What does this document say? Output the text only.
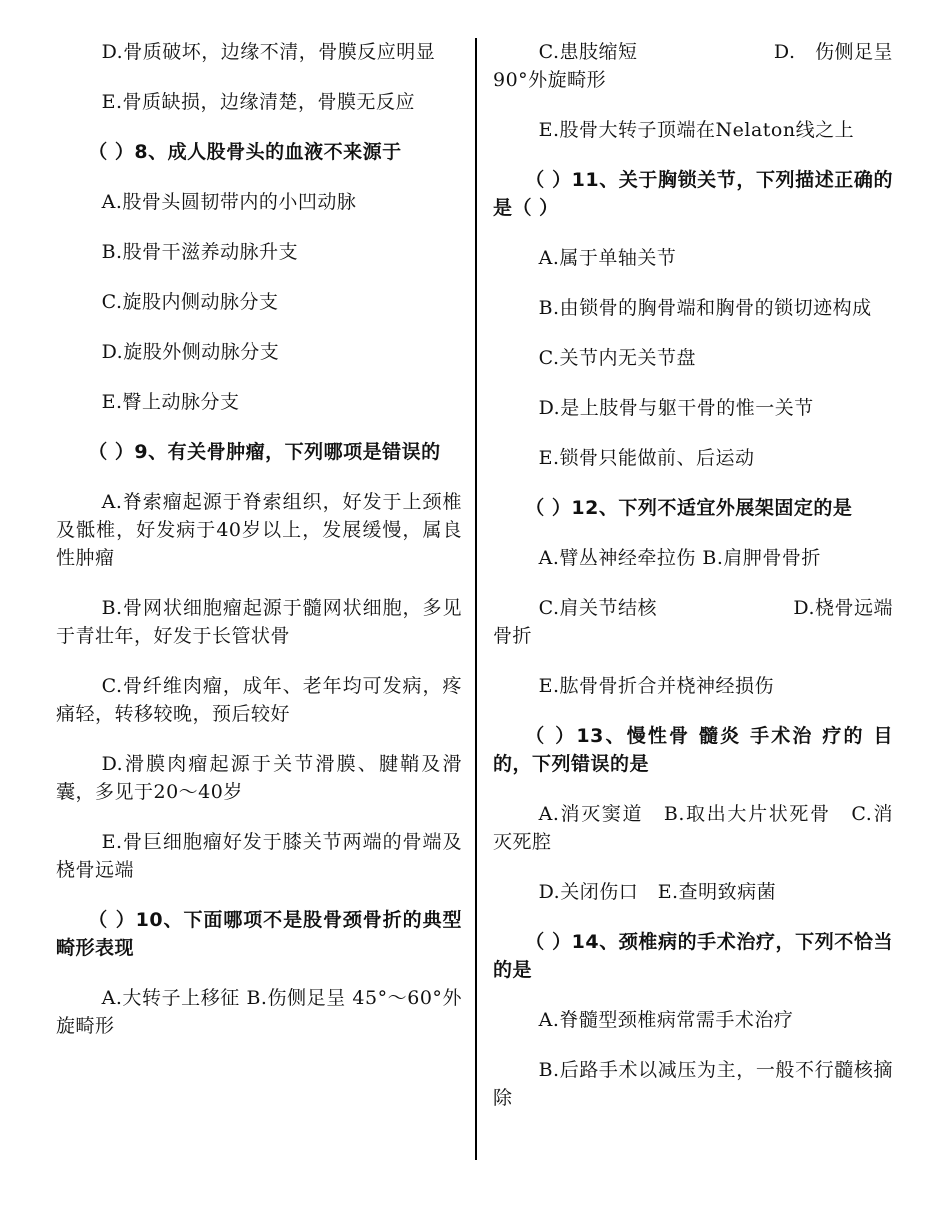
D.骨质破坏，边缘不清，骨膜反应明显

E.骨质缺损，边缘清楚，骨膜无反应

（ ）8、成人股骨头的血液不来源于

A.股骨头圆韧带内的小凹动脉

B.股骨干滋养动脉升支

C.旋股内侧动脉分支

D.旋股外侧动脉分支

E.臀上动脉分支

（ ）9、有关骨肿瘤，下列哪项是错误的

A.脊索瘤起源于脊索组织，好发于上颈椎及骶椎，好发病于40岁以上，发展缓慢，属良性肿瘤

B.骨网状细胞瘤起源于髓网状细胞，多见于青壮年，好发于长管状骨

C.骨纤维肉瘤，成年、老年均可发病，疼痛轻，转移较晚，预后较好

D.滑膜肉瘤起源于关节滑膜、腱鞘及滑囊，多见于20～40岁

E.骨巨细胞瘤好发于膝关节两端的骨端及桡骨远端

（ ）10、下面哪项不是股骨颈骨折的典型畸形表现

A.大转子上移征 B.伤侧足呈 45°～60°外旋畸形

C.患肢缩短	D.　伤侧足呈
90°外旋畸形

E.股骨大转子顶端在Nelaton线之上

（ ）11、关于胸锁关节，下列描述正确的是（ ）

A.属于单轴关节

B.由锁骨的胸骨端和胸骨的锁切迹构成

C.关节内无关节盘

D.是上肢骨与躯干骨的惟一关节

E.锁骨只能做前、后运动

（ ）12、下列不适宜外展架固定的是

A.臂丛神经牵拉伤 B.肩胛骨骨折

C.肩关节结核	D.桡骨远端
骨折

E.肱骨骨折合并桡神经损伤

（ ）13、慢性骨 髓炎 手术治 疗的 目的，下列错误的是

A.消灭窦道　B.取出大片状死骨　C.消灭死腔

D.关闭伤口　E.查明致病菌

（ ）14、颈椎病的手术治疗，下列不恰当的是

A.脊髓型颈椎病常需手术治疗

B.后路手术以减压为主，一般不行髓核摘除
